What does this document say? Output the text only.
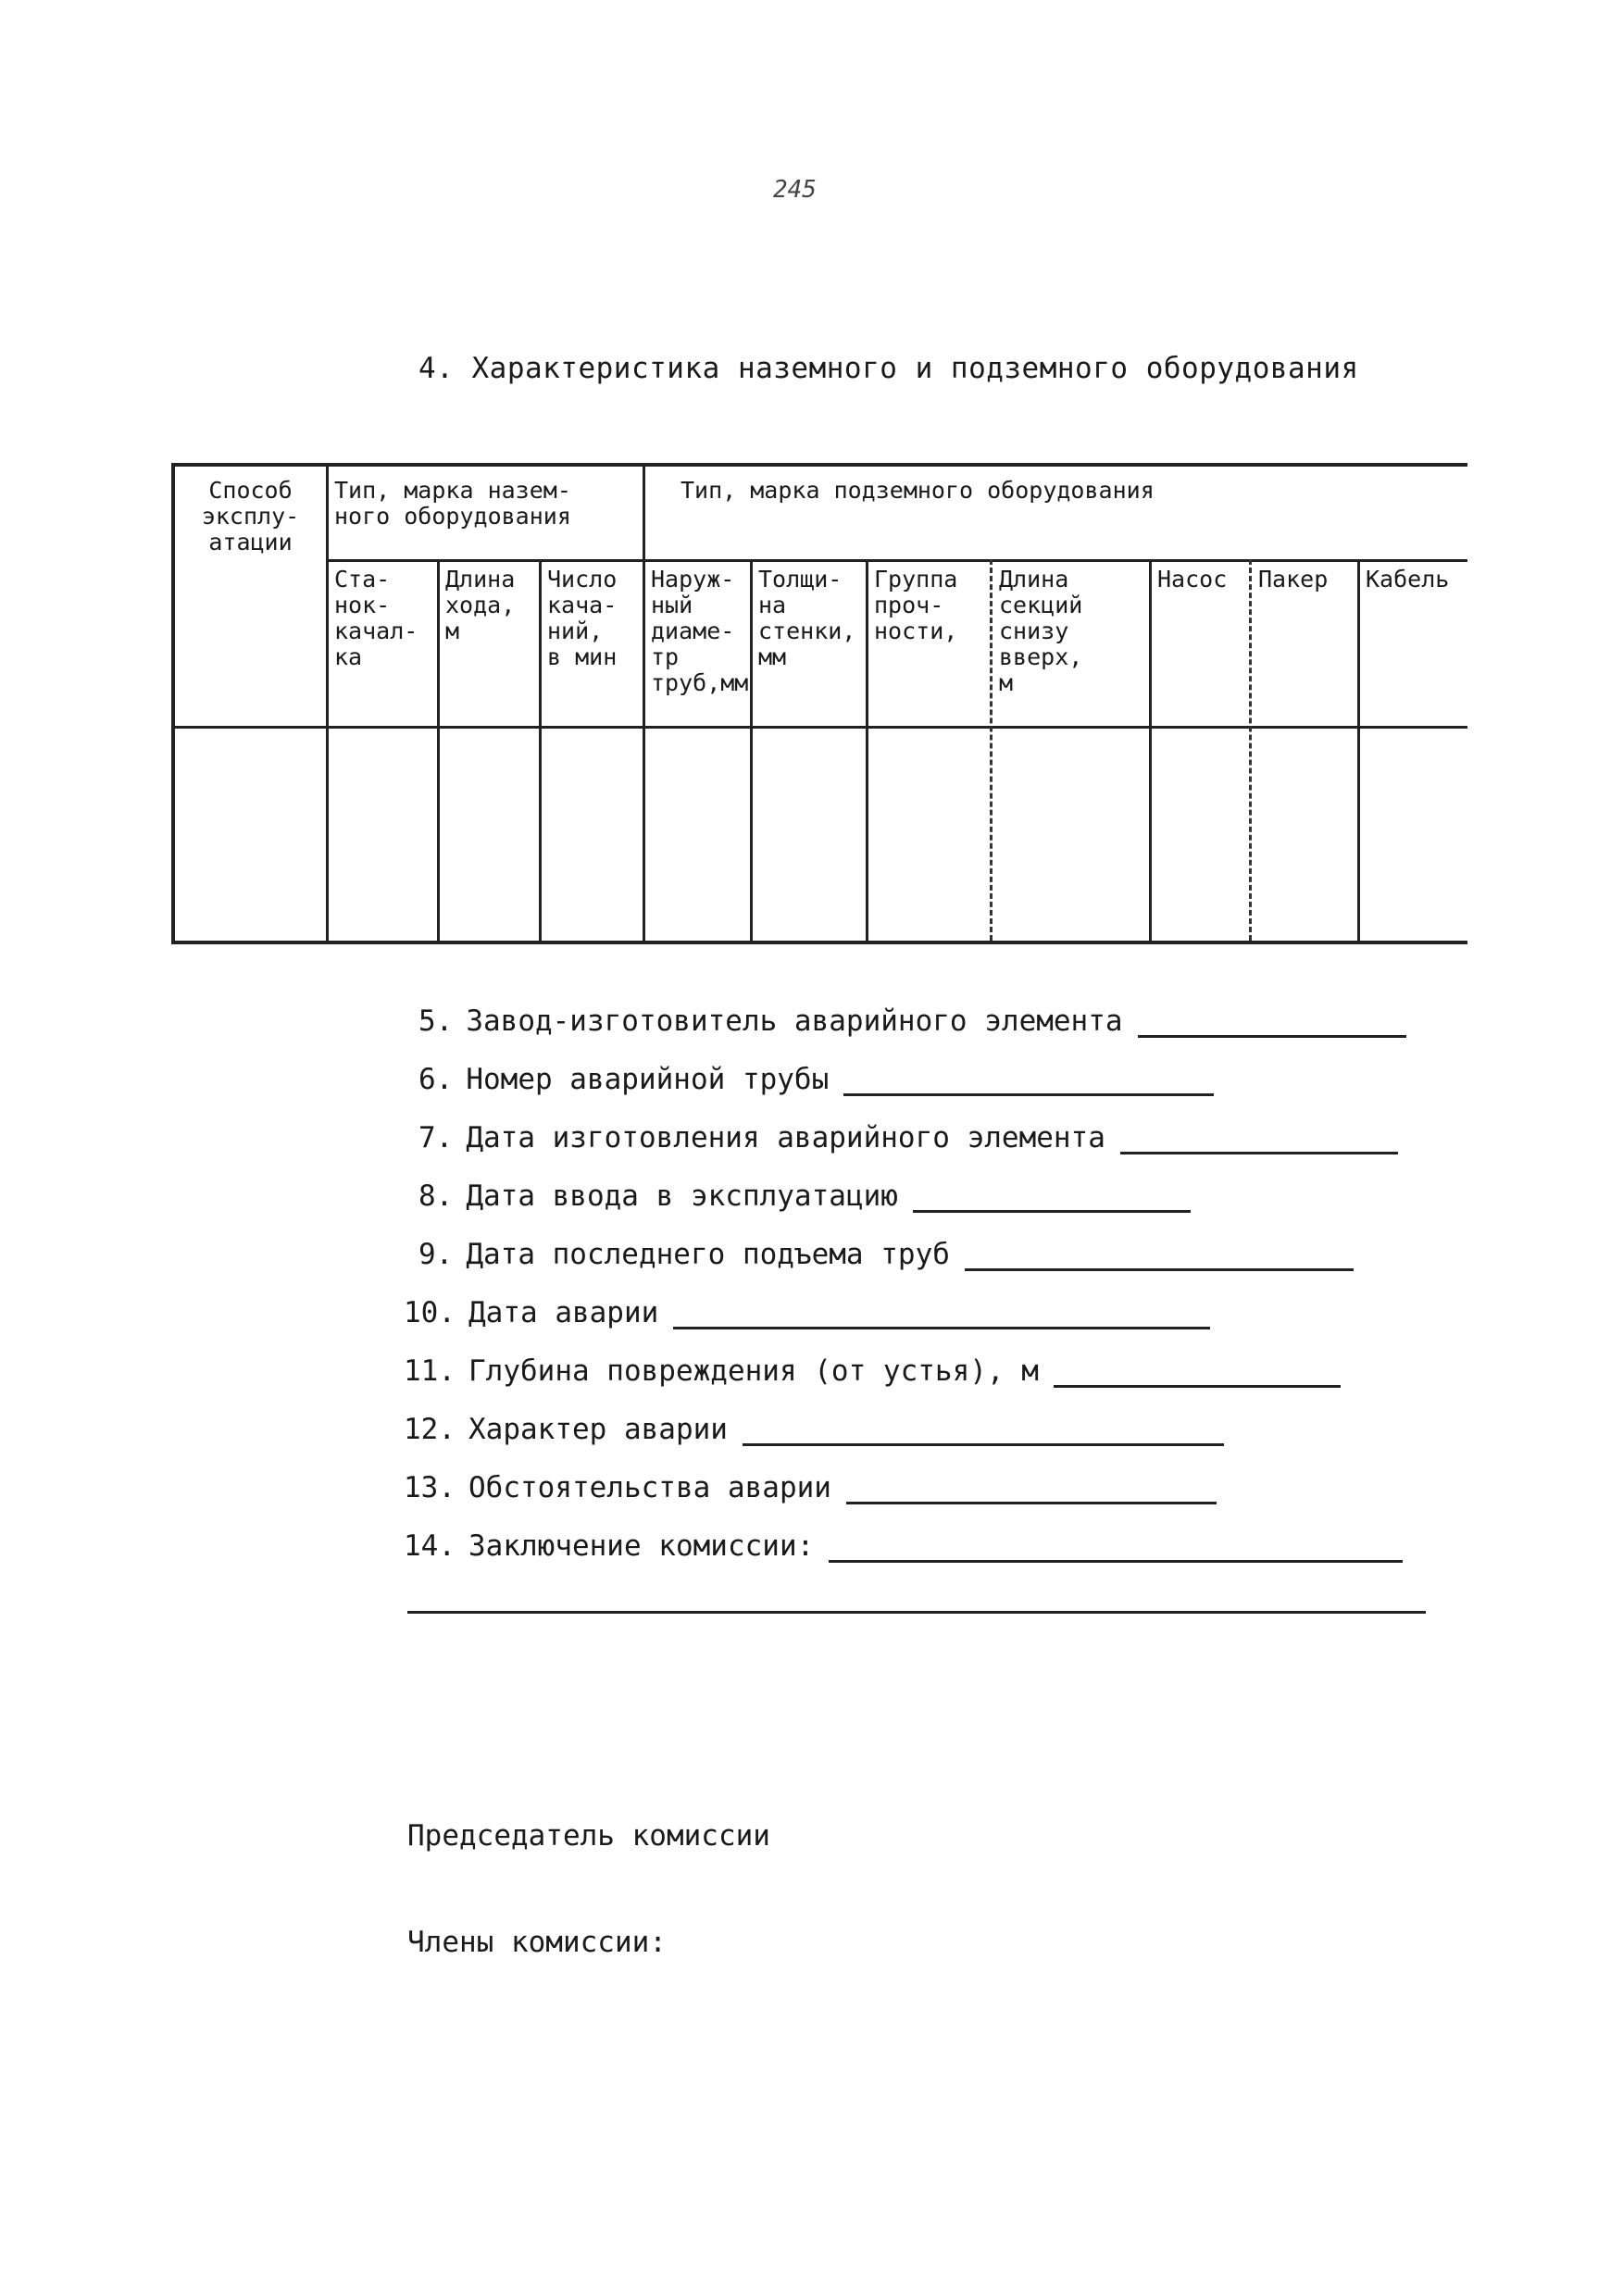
245
4. Характеристика наземного и подземного оборудования
Способ
эксплу-
атации
Тип, марка назем-
ного оборудования
Тип, марка подземного оборудования
Ста-
нок-
качал-
ка
Длина
хода,
м
Число
кача-
ний,
в мин
Наруж-
ный
диаме-
тр
труб,мм
Толщи-
на
стенки,
мм
Группа
проч-
ности,
Длина
секций
снизу
вверх,
м
Насос	Пакер	Кабель
5. Завод-изготовитель аварийного элемента
6. Номер аварийной трубы
7. Дата изготовления аварийного элемента
8. Дата ввода в эксплуатацию
9. Дата последнего подъема труб
10. Дата аварии
11. Глубина повреждения (от устья), м
12. Характер аварии
13. Обстоятельства аварии
14. Заключение комиссии:
Председатель комиссии
Члены комиссии:
